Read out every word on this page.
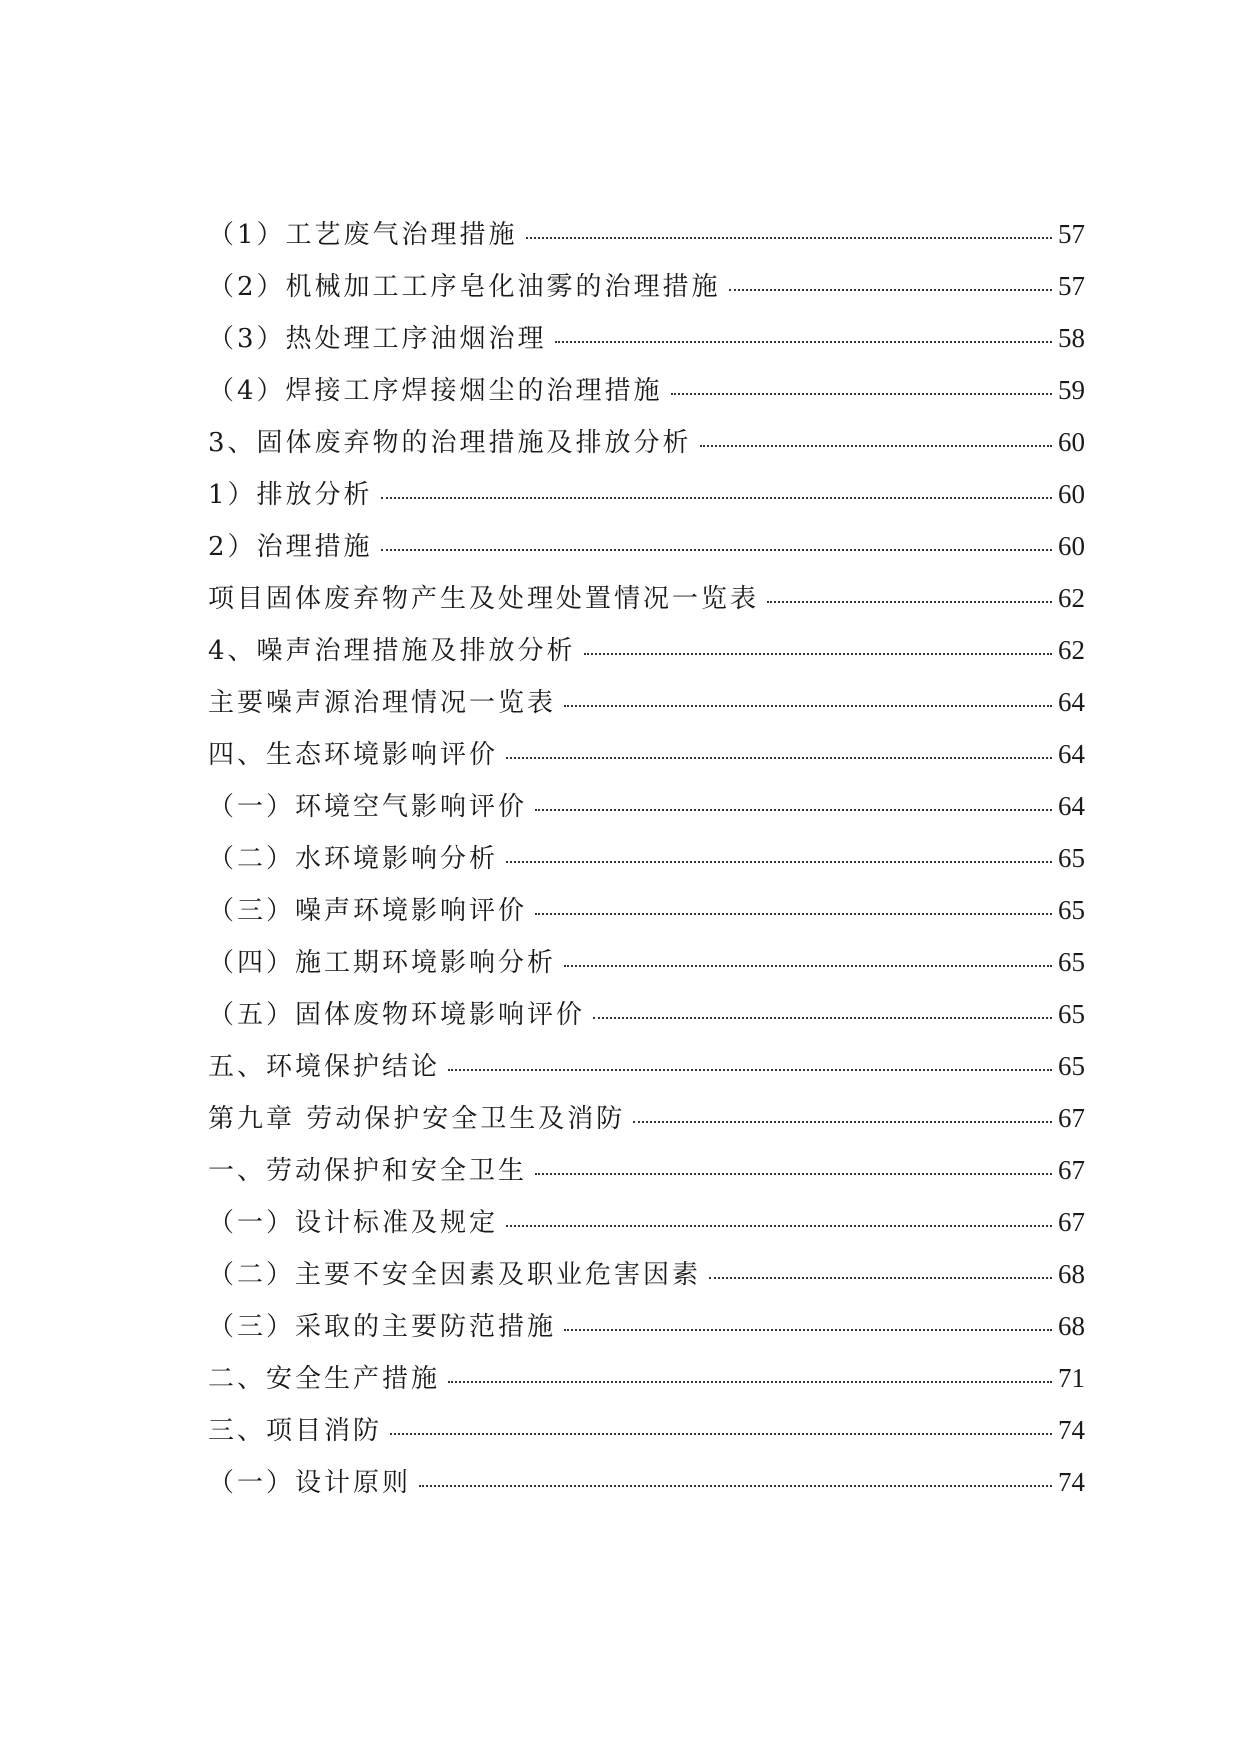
（1）工艺废气治理措施	57
（2）机械加工工序皂化油雾的治理措施	57
（3）热处理工序油烟治理	58
（4）焊接工序焊接烟尘的治理措施	59
3、固体废弃物的治理措施及排放分析	60
1）排放分析	60
2）治理措施	60
项目固体废弃物产生及处理处置情况一览表	62
4、噪声治理措施及排放分析	62
主要噪声源治理情况一览表	64
四、生态环境影响评价	64
（一）环境空气影响评价	64
（二）水环境影响分析	65
（三）噪声环境影响评价	65
（四）施工期环境影响分析	65
（五）固体废物环境影响评价	65
五、环境保护结论	65
第九章 劳动保护安全卫生及消防	67
一、劳动保护和安全卫生	67
（一）设计标准及规定	67
（二）主要不安全因素及职业危害因素	68
（三）采取的主要防范措施	68
二、安全生产措施	71
三、项目消防	74
（一）设计原则	74
